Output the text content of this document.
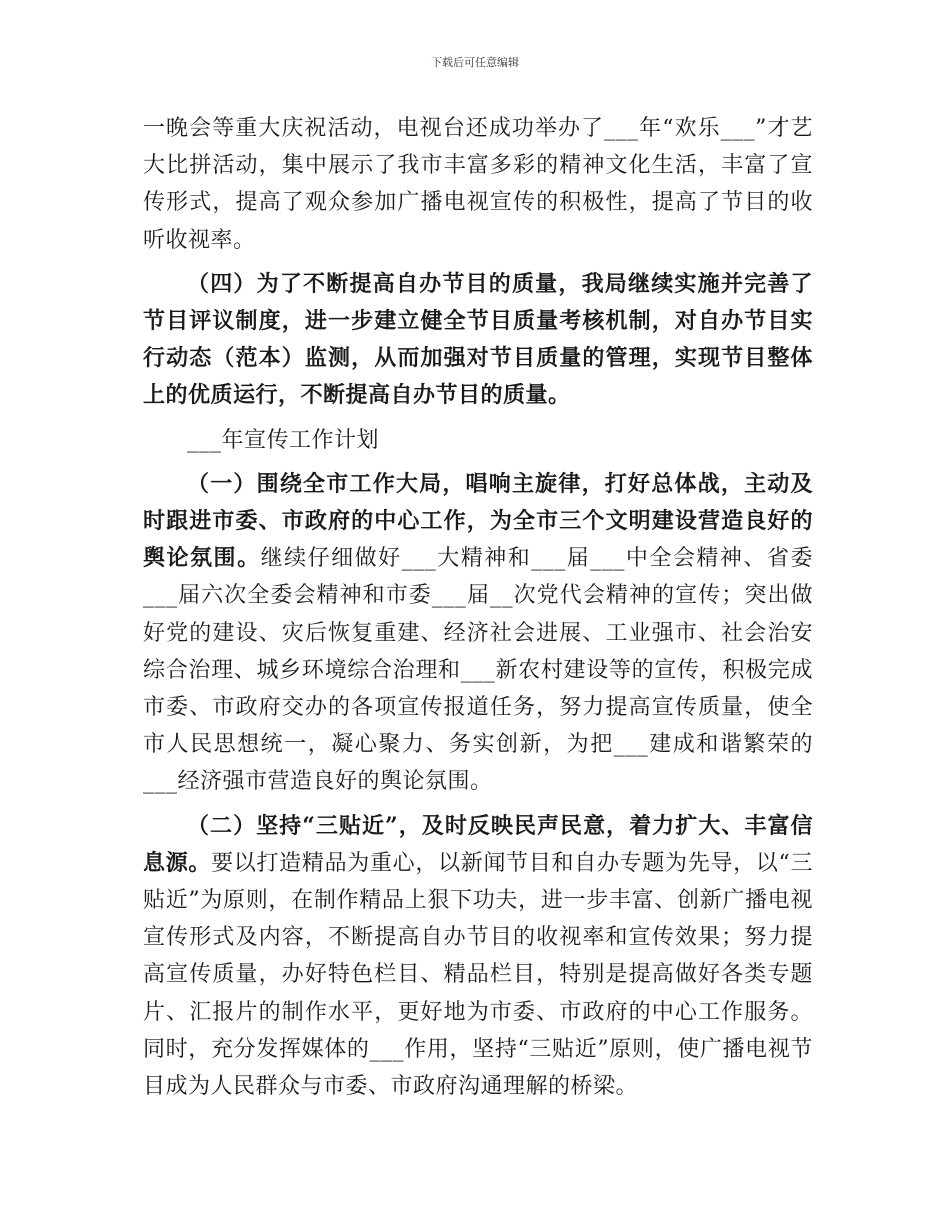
下载后可任意编辑

一晚会等重大庆祝活动，电视台还成功举办了___年“欢乐___”才艺大比拼活动，集中展示了我市丰富多彩的精神文化生活，丰富了宣传形式，提高了观众参加广播电视宣传的积极性，提高了节目的收听收视率。

（四）为了不断提高自办节目的质量，我局继续实施并完善了节目评议制度，进一步建立健全节目质量考核机制，对自办节目实行动态（范本）监测，从而加强对节目质量的管理，实现节目整体上的优质运行，不断提高自办节目的质量。

___年宣传工作计划

（一）围绕全市工作大局，唱响主旋律，打好总体战，主动及时跟进市委、市政府的中心工作，为全市三个文明建设营造良好的舆论氛围。继续仔细做好___大精神和___届___中全会精神、省委___届六次全委会精神和市委___届__次党代会精神的宣传；突出做好党的建设、灾后恢复重建、经济社会进展、工业强市、社会治安综合治理、城乡环境综合治理和___新农村建设等的宣传，积极完成市委、市政府交办的各项宣传报道任务，努力提高宣传质量，使全市人民思想统一，凝心聚力、务实创新，为把___建成和谐繁荣的___经济强市营造良好的舆论氛围。

（二）坚持“三贴近”，及时反映民声民意，着力扩大、丰富信息源。要以打造精品为重心，以新闻节目和自办专题为先导，以“三贴近”为原则，在制作精品上狠下功夫，进一步丰富、创新广播电视宣传形式及内容，不断提高自办节目的收视率和宣传效果；努力提高宣传质量，办好特色栏目、精品栏目，特别是提高做好各类专题片、汇报片的制作水平，更好地为市委、市政府的中心工作服务。同时，充分发挥媒体的___作用，坚持“三贴近”原则，使广播电视节目成为人民群众与市委、市政府沟通理解的桥梁。
